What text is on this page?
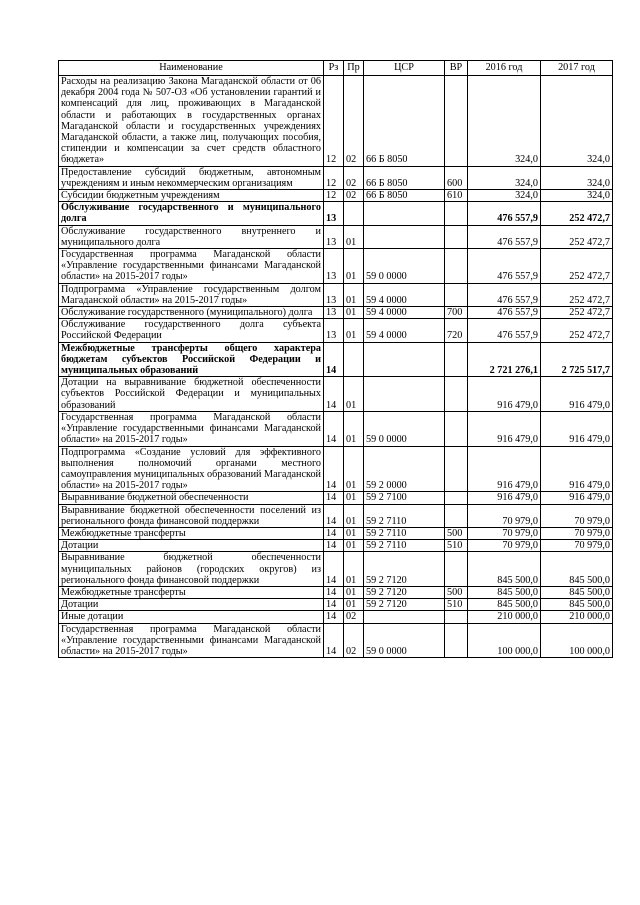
Наименование	Рз	Пр	ЦСР	ВР	2016 год	2017 год
Расходы на реализацию Закона Магаданской области от 06 декабря 2004 года № 507-ОЗ «Об установлении гарантий и компенсаций для лиц, проживающих в Магаданской области и работающих в государственных органах Магаданской области и государственных учреждениях Магаданской области, а также лиц, получающих пособия, стипендии и компенсации за счет средств областного бюджета»	12	02	66 Б 8050		324,0	324,0
Предоставление субсидий бюджетным, автономным учреждениям и иным некоммерческим организациям	12	02	66 Б 8050	600	324,0	324,0
Субсидии бюджетным учреждениям	12	02	66 Б 8050	610	324,0	324,0
Обслуживание государственного и муниципального долга	13				476 557,9	252 472,7
Обслуживание государственного внутреннего и муниципального долга	13	01			476 557,9	252 472,7
Государственная программа Магаданской области «Управление государственными финансами Магаданской области» на 2015-2017 годы»	13	01	59 0 0000		476 557,9	252 472,7
Подпрограмма «Управление государственным долгом Магаданской области» на 2015-2017 годы»	13	01	59 4 0000		476 557,9	252 472,7
Обслуживание государственного (муниципального) долга	13	01	59 4 0000	700	476 557,9	252 472,7
Обслуживание государственного долга субъекта Российской Федерации	13	01	59 4 0000	720	476 557,9	252 472,7
Межбюджетные трансферты общего характера бюджетам субъектов Российской Федерации и муниципальных образований	14				2 721 276,1	2 725 517,7
Дотации на выравнивание бюджетной обеспеченности субъектов Российской Федерации и муниципальных образований	14	01			916 479,0	916 479,0
Государственная программа Магаданской области «Управление государственными финансами Магаданской области» на 2015-2017 годы»	14	01	59 0 0000		916 479,0	916 479,0
Подпрограмма «Создание условий для эффективного выполнения полномочий органами местного самоуправления муниципальных образований Магаданской области» на 2015-2017 годы»	14	01	59 2 0000		916 479,0	916 479,0
Выравнивание бюджетной обеспеченности	14	01	59 2 7100		916 479,0	916 479,0
Выравнивание бюджетной обеспеченности поселений из регионального фонда финансовой поддержки	14	01	59 2 7110		70 979,0	70 979,0
Межбюджетные трансферты	14	01	59 2 7110	500	70 979,0	70 979,0
Дотации	14	01	59 2 7110	510	70 979,0	70 979,0
Выравнивание бюджетной обеспеченности муниципальных районов (городских округов) из регионального фонда финансовой поддержки	14	01	59 2 7120		845 500,0	845 500,0
Межбюджетные трансферты	14	01	59 2 7120	500	845 500,0	845 500,0
Дотации	14	01	59 2 7120	510	845 500,0	845 500,0
Иные дотации	14	02			210 000,0	210 000,0
Государственная программа Магаданской области «Управление государственными финансами Магаданской области» на 2015-2017 годы»	14	02	59 0 0000		100 000,0	100 000,0
